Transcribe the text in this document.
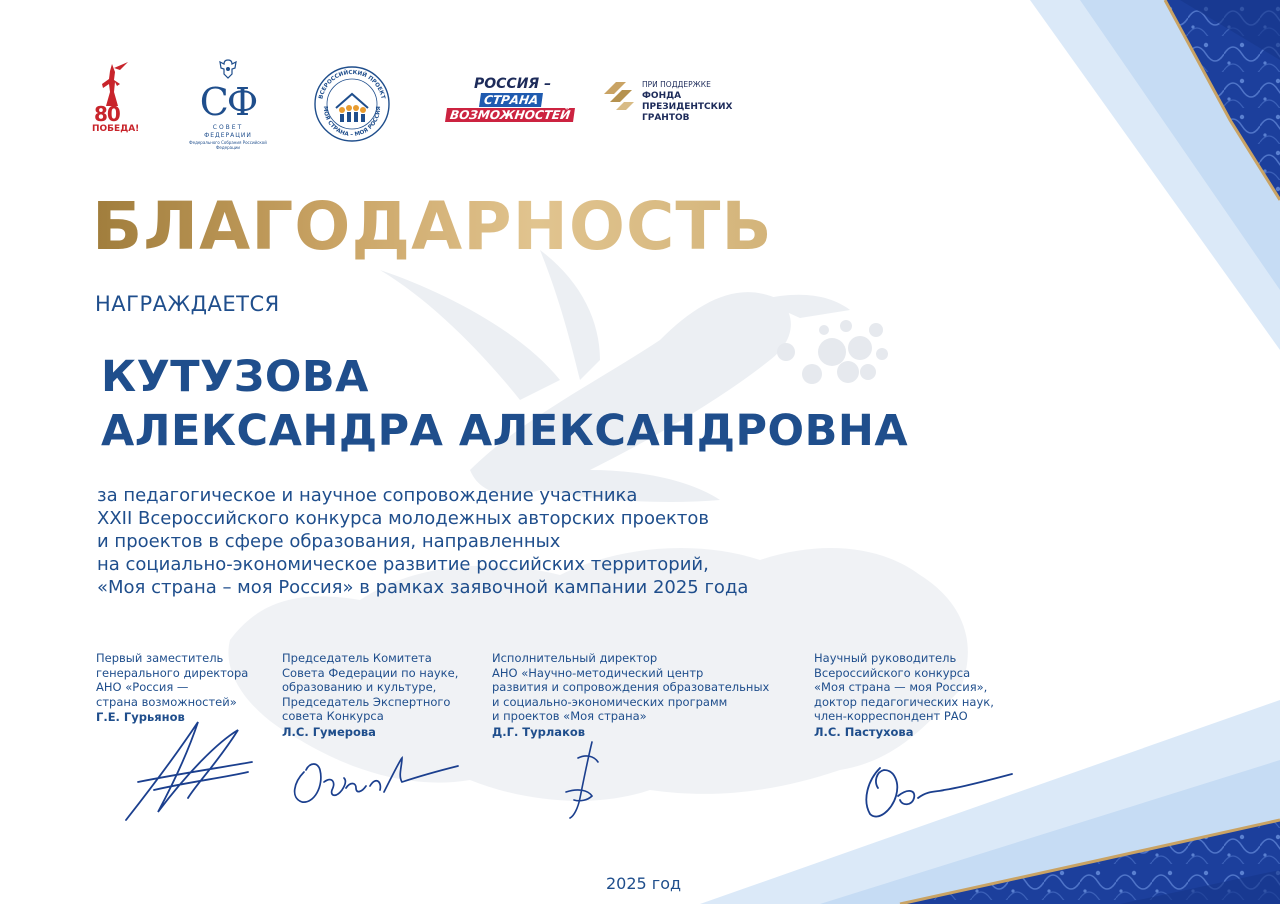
80
ПОБЕДА!
СФ
СОВЕТ
ФЕДЕРАЦИИ
Федерального Собрания Российской Федерации
ВСЕРОССИЙСКИЙ ПРОЕКТ
МОЯ СТРАНА – МОЯ РОССИЯ
РОССИЯ –
СТРАНА
ВОЗМОЖНОСТЕЙ
ПРИ ПОДДЕРЖКЕ
ФОНДА
ПРЕЗИДЕНТСКИХ
ГРАНТОВ
БЛАГОДАРНОСТЬ
НАГРАЖДАЕТСЯ
КУТУЗОВА
АЛЕКСАНДРА АЛЕКСАНДРОВНА
за педагогическое и научное сопровождение участника
XXII Всероссийского конкурса молодежных авторских проектов
и проектов в сфере образования, направленных
на социально-экономическое развитие российских территорий,
«Моя страна – моя Россия» в рамках заявочной кампании 2025 года
Первый заместитель
генерального директора
АНО «Россия —
страна возможностей»
Г.Е. Гурьянов
Председатель Комитета
Совета Федерации по науке,
образованию и культуре,
Председатель Экспертного
совета Конкурса
Л.С. Гумерова
Исполнительный директор
АНО «Научно-методический центр
развития и сопровождения образовательных
и социально-экономических программ
и проектов «Моя страна»
Д.Г. Турлаков
Научный руководитель
Всероссийского конкурса
«Моя страна — моя Россия»,
доктор педагогических наук,
член-корреспондент РАО
Л.С. Пастухова
2025 год
